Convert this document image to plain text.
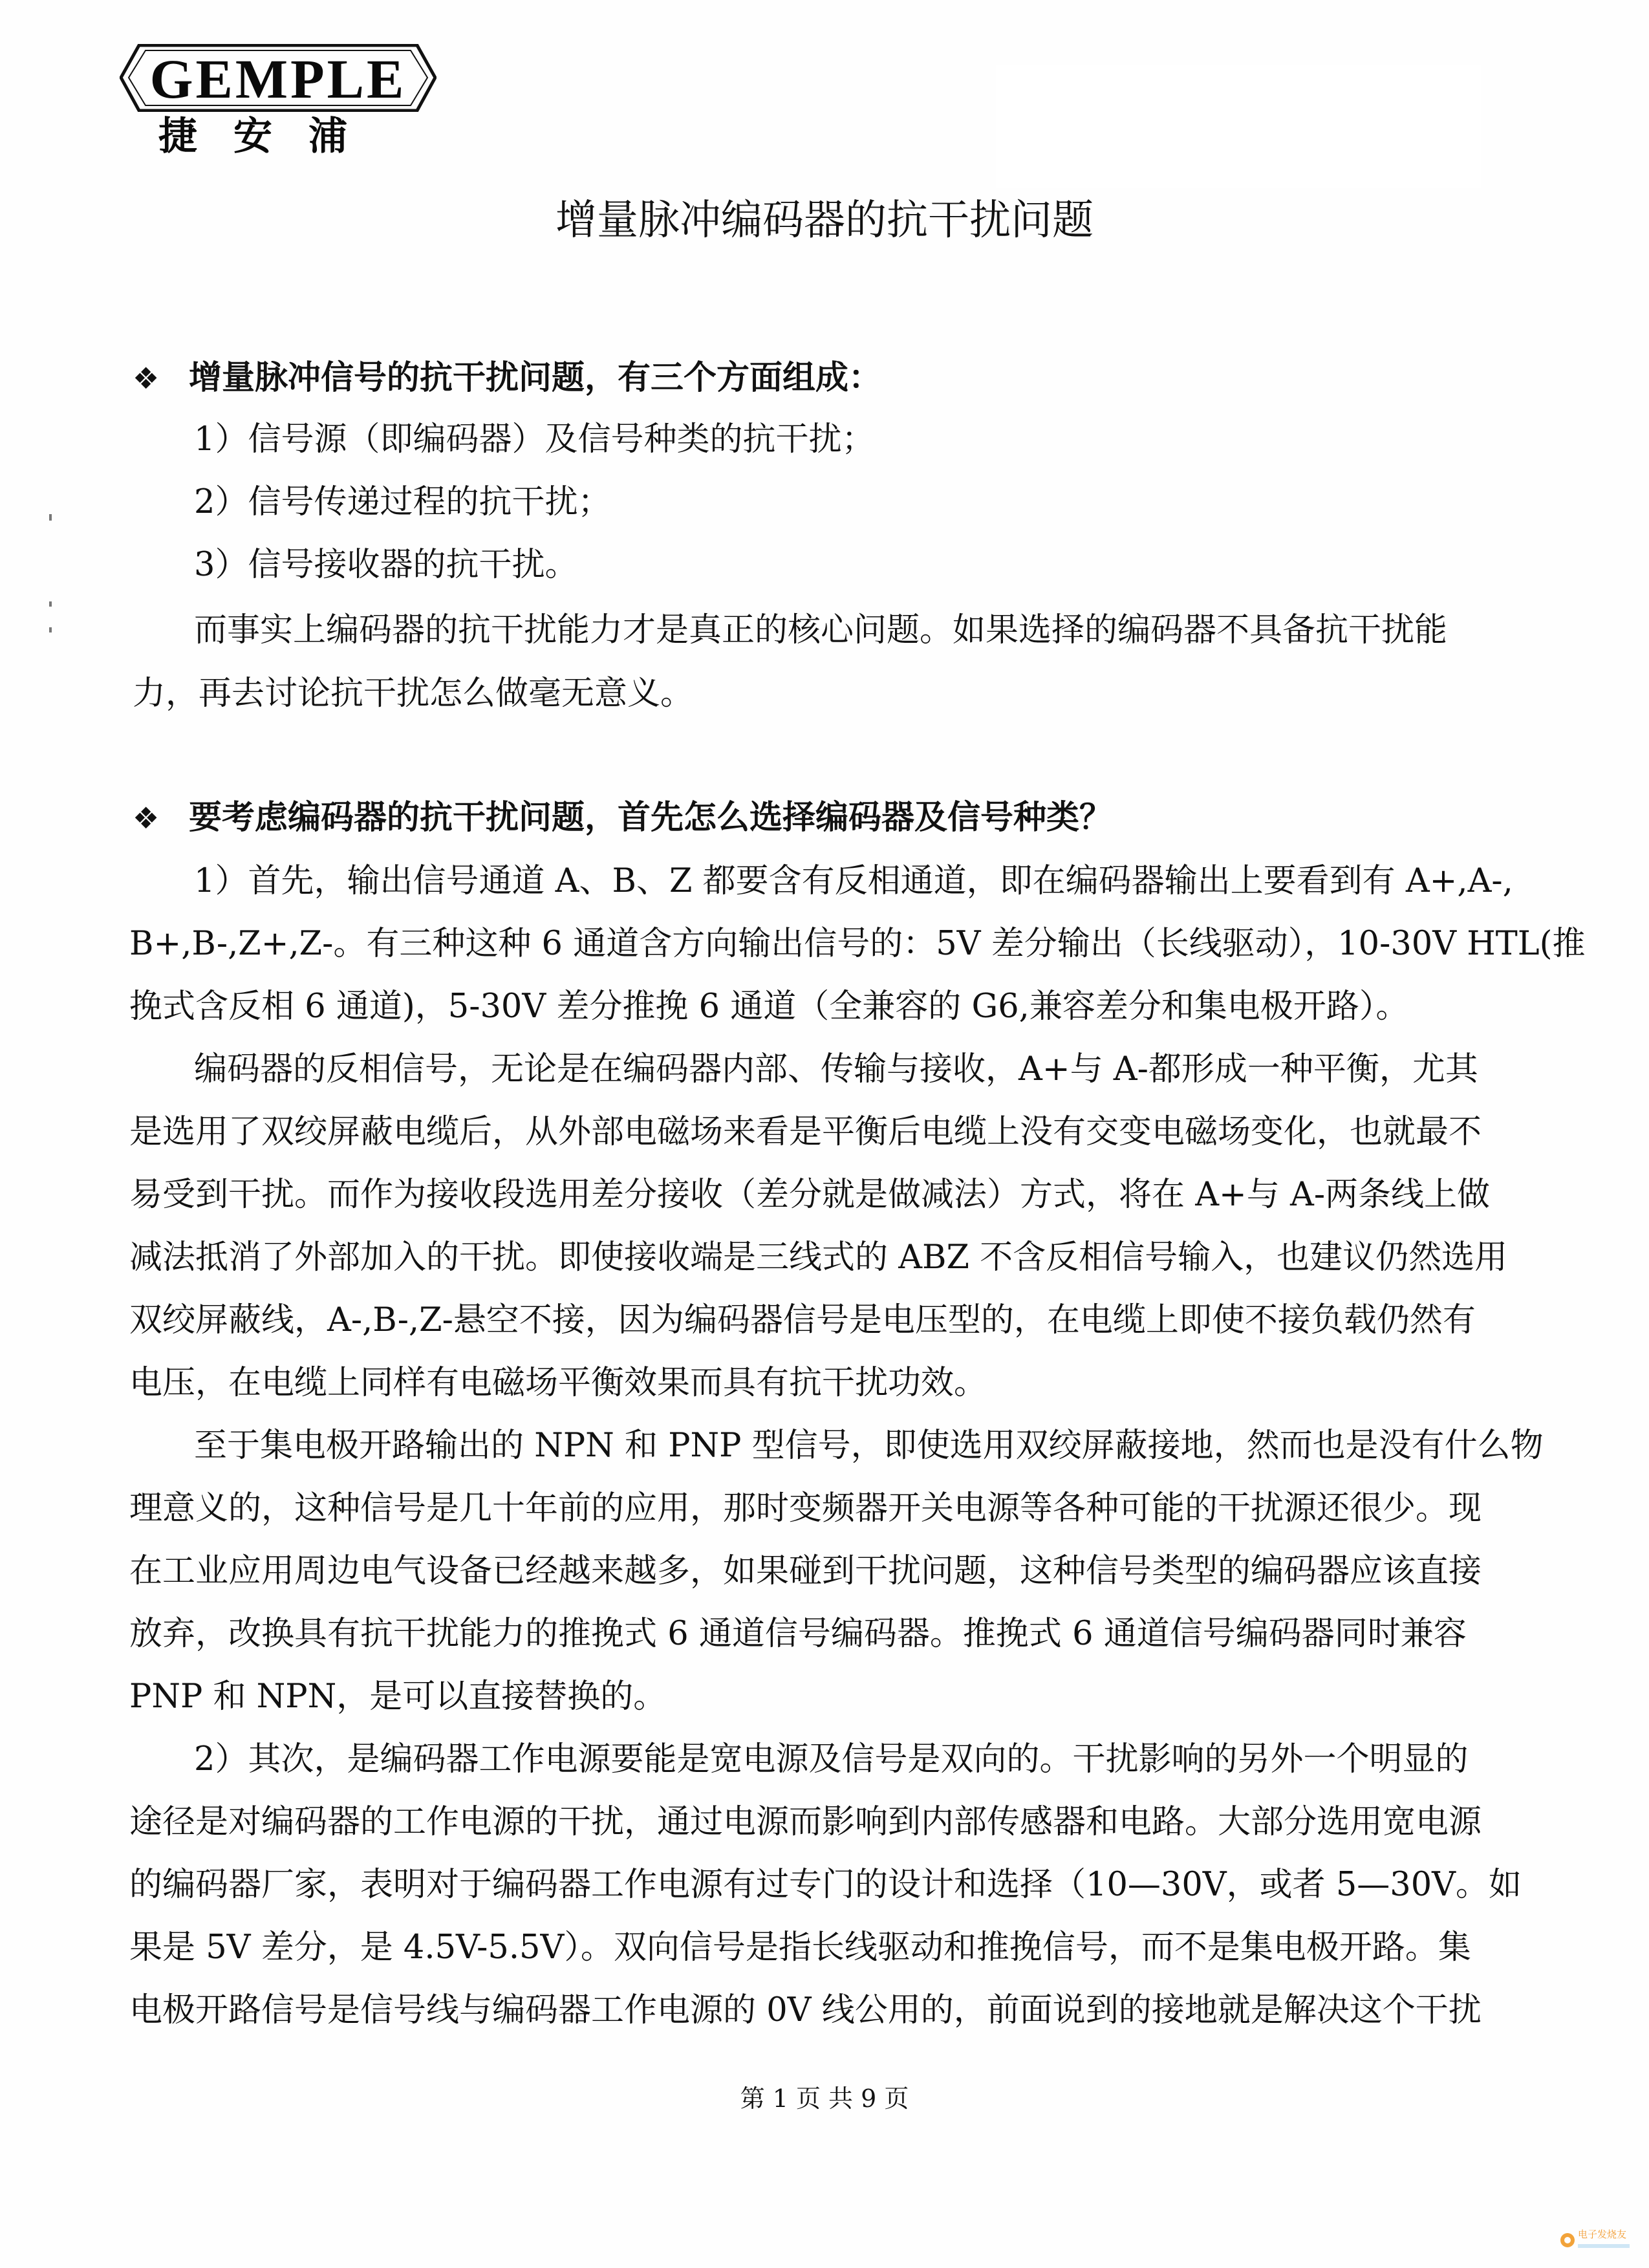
GEMPLE
捷安浦
增量脉冲编码器的抗干扰问题
❖ 增量脉冲信号的抗干扰问题，有三个方面组成：

1）信号源（即编码器）及信号种类的抗干扰；

2）信号传递过程的抗干扰；

3）信号接收器的抗干扰。

而事实上编码器的抗干扰能力才是真正的核心问题。如果选择的编码器不具备抗干扰能

力，再去讨论抗干扰怎么做毫无意义。

❖ 要考虑编码器的抗干扰问题，首先怎么选择编码器及信号种类？

1）首先，输出信号通道 A、B、Z 都要含有反相通道，即在编码器输出上要看到有 A+,A-,

B+,B-,Z+,Z-。有三种这种 6 通道含方向输出信号的：5V 差分输出（长线驱动），10-30V HTL(推

挽式含反相 6 通道)，5-30V 差分推挽 6 通道（全兼容的 G6,兼容差分和集电极开路）。

编码器的反相信号，无论是在编码器内部、传输与接收，A+与 A-都形成一种平衡，尤其

是选用了双绞屏蔽电缆后，从外部电磁场来看是平衡后电缆上没有交变电磁场变化，也就最不

易受到干扰。而作为接收段选用差分接收（差分就是做减法）方式，将在 A+与 A-两条线上做

减法抵消了外部加入的干扰。即使接收端是三线式的 ABZ 不含反相信号输入，也建议仍然选用

双绞屏蔽线，A-,B-,Z-悬空不接，因为编码器信号是电压型的，在电缆上即使不接负载仍然有

电压，在电缆上同样有电磁场平衡效果而具有抗干扰功效。

至于集电极开路输出的 NPN 和 PNP 型信号，即使选用双绞屏蔽接地，然而也是没有什么物

理意义的，这种信号是几十年前的应用，那时变频器开关电源等各种可能的干扰源还很少。现

在工业应用周边电气设备已经越来越多，如果碰到干扰问题，这种信号类型的编码器应该直接

放弃，改换具有抗干扰能力的推挽式 6 通道信号编码器。推挽式 6 通道信号编码器同时兼容

PNP 和 NPN，是可以直接替换的。

2）其次，是编码器工作电源要能是宽电源及信号是双向的。干扰影响的另外一个明显的

途径是对编码器的工作电源的干扰，通过电源而影响到内部传感器和电路。大部分选用宽电源

的编码器厂家，表明对于编码器工作电源有过专门的设计和选择（10—30V，或者 5—30V。如

果是 5V 差分，是 4.5V-5.5V）。双向信号是指长线驱动和推挽信号，而不是集电极开路。集

电极开路信号是信号线与编码器工作电源的 0V 线公用的，前面说到的接地就是解决这个干扰

第 1 页 共 9 页
电子发烧友
